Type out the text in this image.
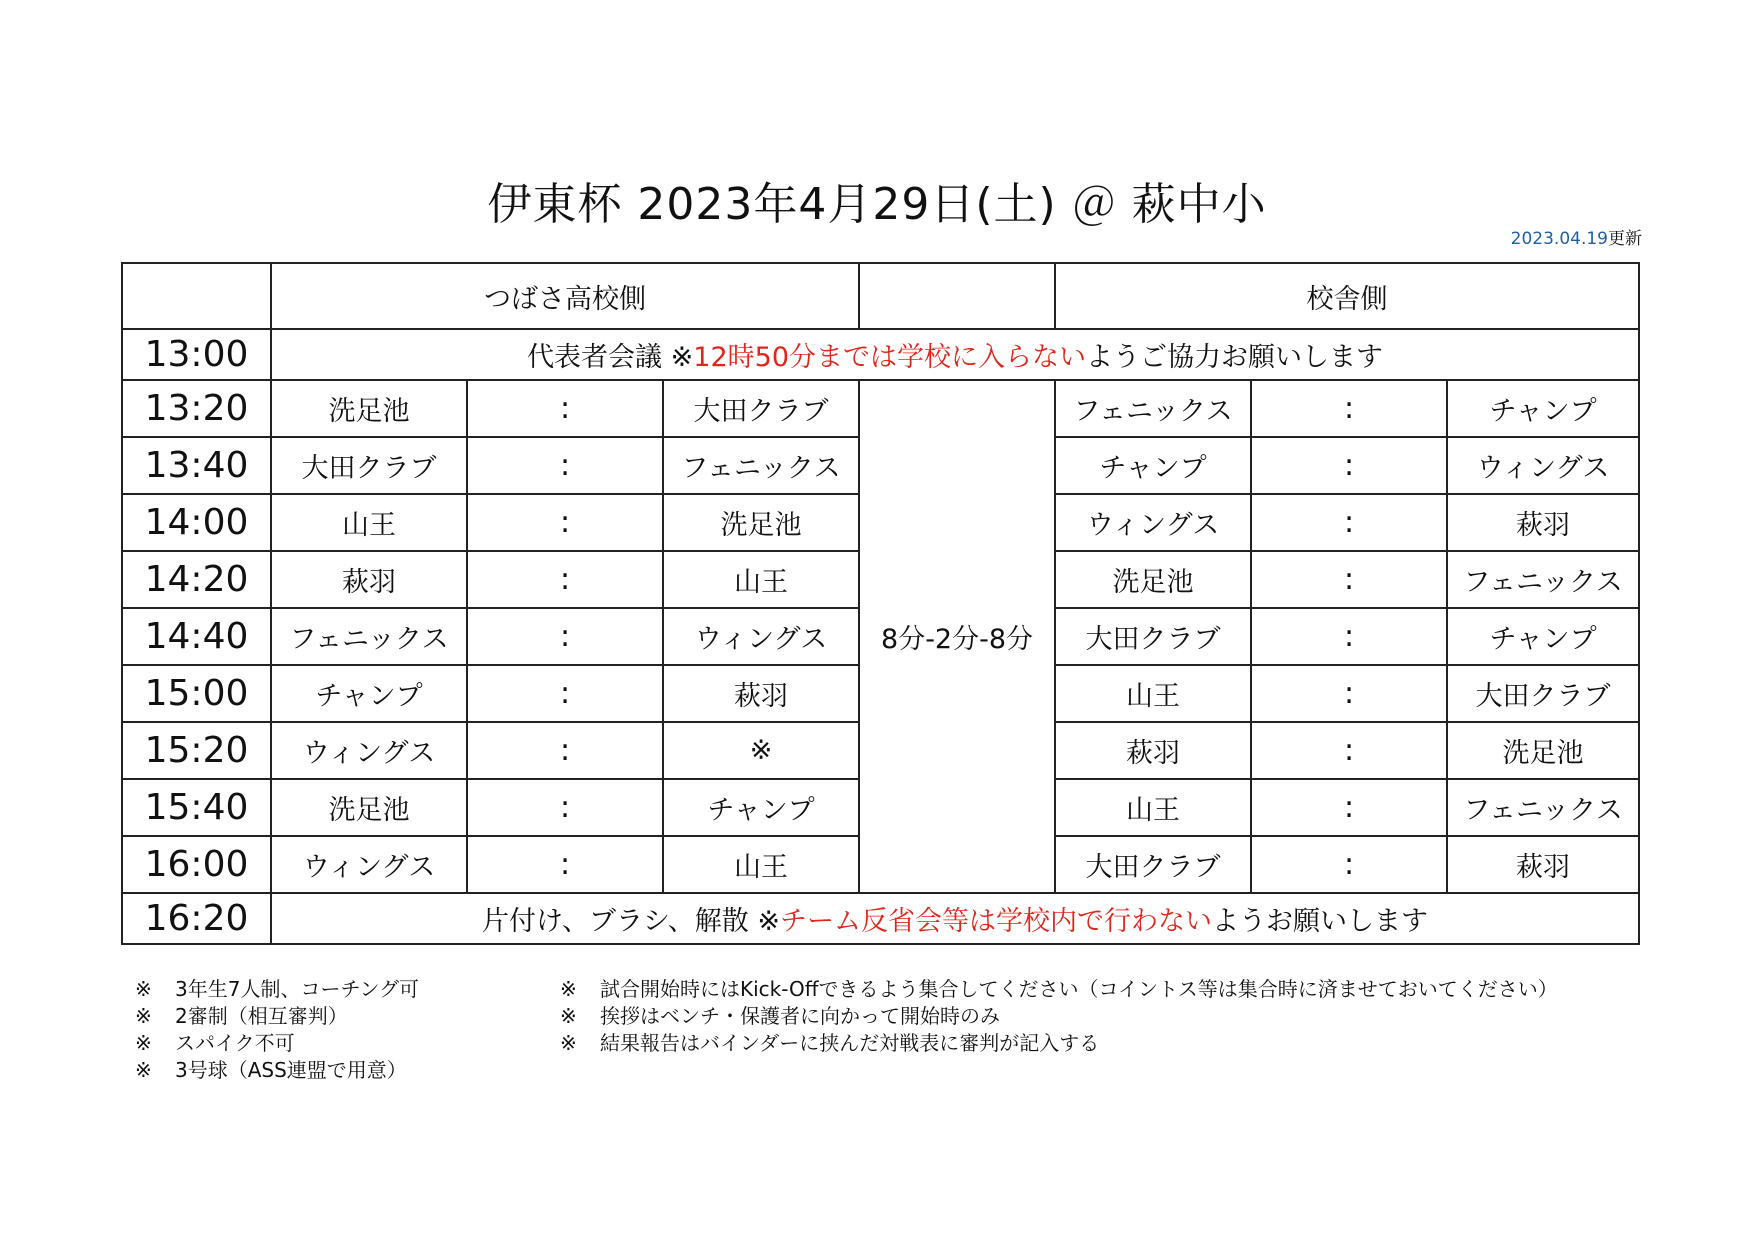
伊東杯 2023年4月29日(土) ＠ 萩中小
2023.04.19更新
	つばさ高校側				校舎側		
13:00	代表者会議 ※12時50分までは学校に入らないようご協力お願いします						
13:20	洗足池	:	大田クラブ	8分-2分-8分	フェニックス	:	チャンプ
13:40	大田クラブ	:	フェニックス		チャンプ	:	ウィングス
14:00	山王	:	洗足池		ウィングス	:	萩羽
14:20	萩羽	:	山王		洗足池	:	フェニックス
14:40	フェニックス	:	ウィングス		大田クラブ	:	チャンプ
15:00	チャンプ	:	萩羽		山王	:	大田クラブ
15:20	ウィングス	:	※		萩羽	:	洗足池
15:40	洗足池	:	チャンプ		山王	:	フェニックス
16:00	ウィングス	:	山王		大田クラブ	:	萩羽
16:20	片付け、ブラシ、解散 ※チーム反省会等は学校内で行わないようお願いします						
※ 3年生7人制、コーチング可
※ 2審制（相互審判）
※ スパイク不可
※ 3号球（ASS連盟で用意）
※ 試合開始時にはKick-Offできるよう集合してください（コイントス等は集合時に済ませておいてください）
※ 挨拶はベンチ・保護者に向かって開始時のみ
※ 結果報告はバインダーに挟んだ対戦表に審判が記入する
